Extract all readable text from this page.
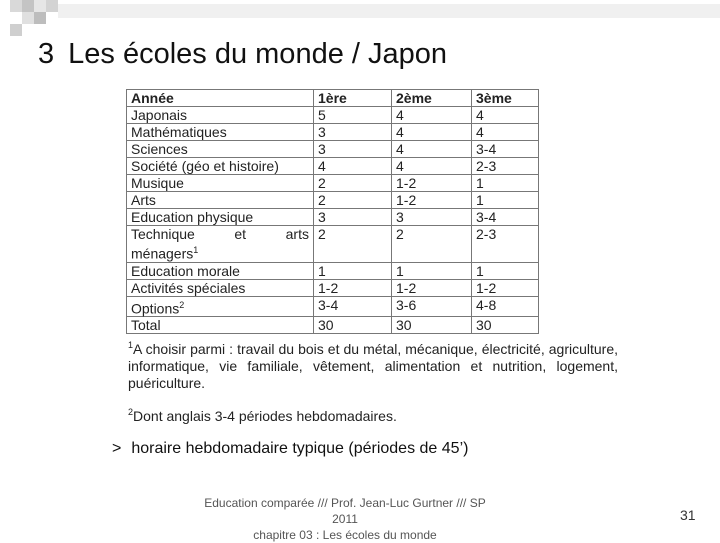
3 Les écoles du monde / Japon
Année	1ère	2ème	3ème
Japonais	5	4	4
Mathématiques	3	4	4
Sciences	3	4	3-4
Société (géo et histoire)	4	4	2-3
Musique	2	1-2	1
Arts	2	1-2	1
Education physique	3	3	3-4

Technique et arts
ménagers$^1$	2	2	2-3
Education morale	1	1	1
Activités spéciales	1-2	1-2	1-2
Options$^2$	3-4	3-6	4-8
Total	30	30	30

$^1$A choisir parmi : travail du bois et du métal, mécanique, électricité, agriculture, informatique, vie familiale, vêtement, alimentation et nutrition, logement, puériculture.

$^2$Dont anglais 3-4 périodes hebdomadaires.

> horaire hebdomadaire typique (périodes de 45’)
Education comparée /// Prof. Jean-Luc Gurtner /// SP 2011
chapitre 03 : Les écoles du monde
31
